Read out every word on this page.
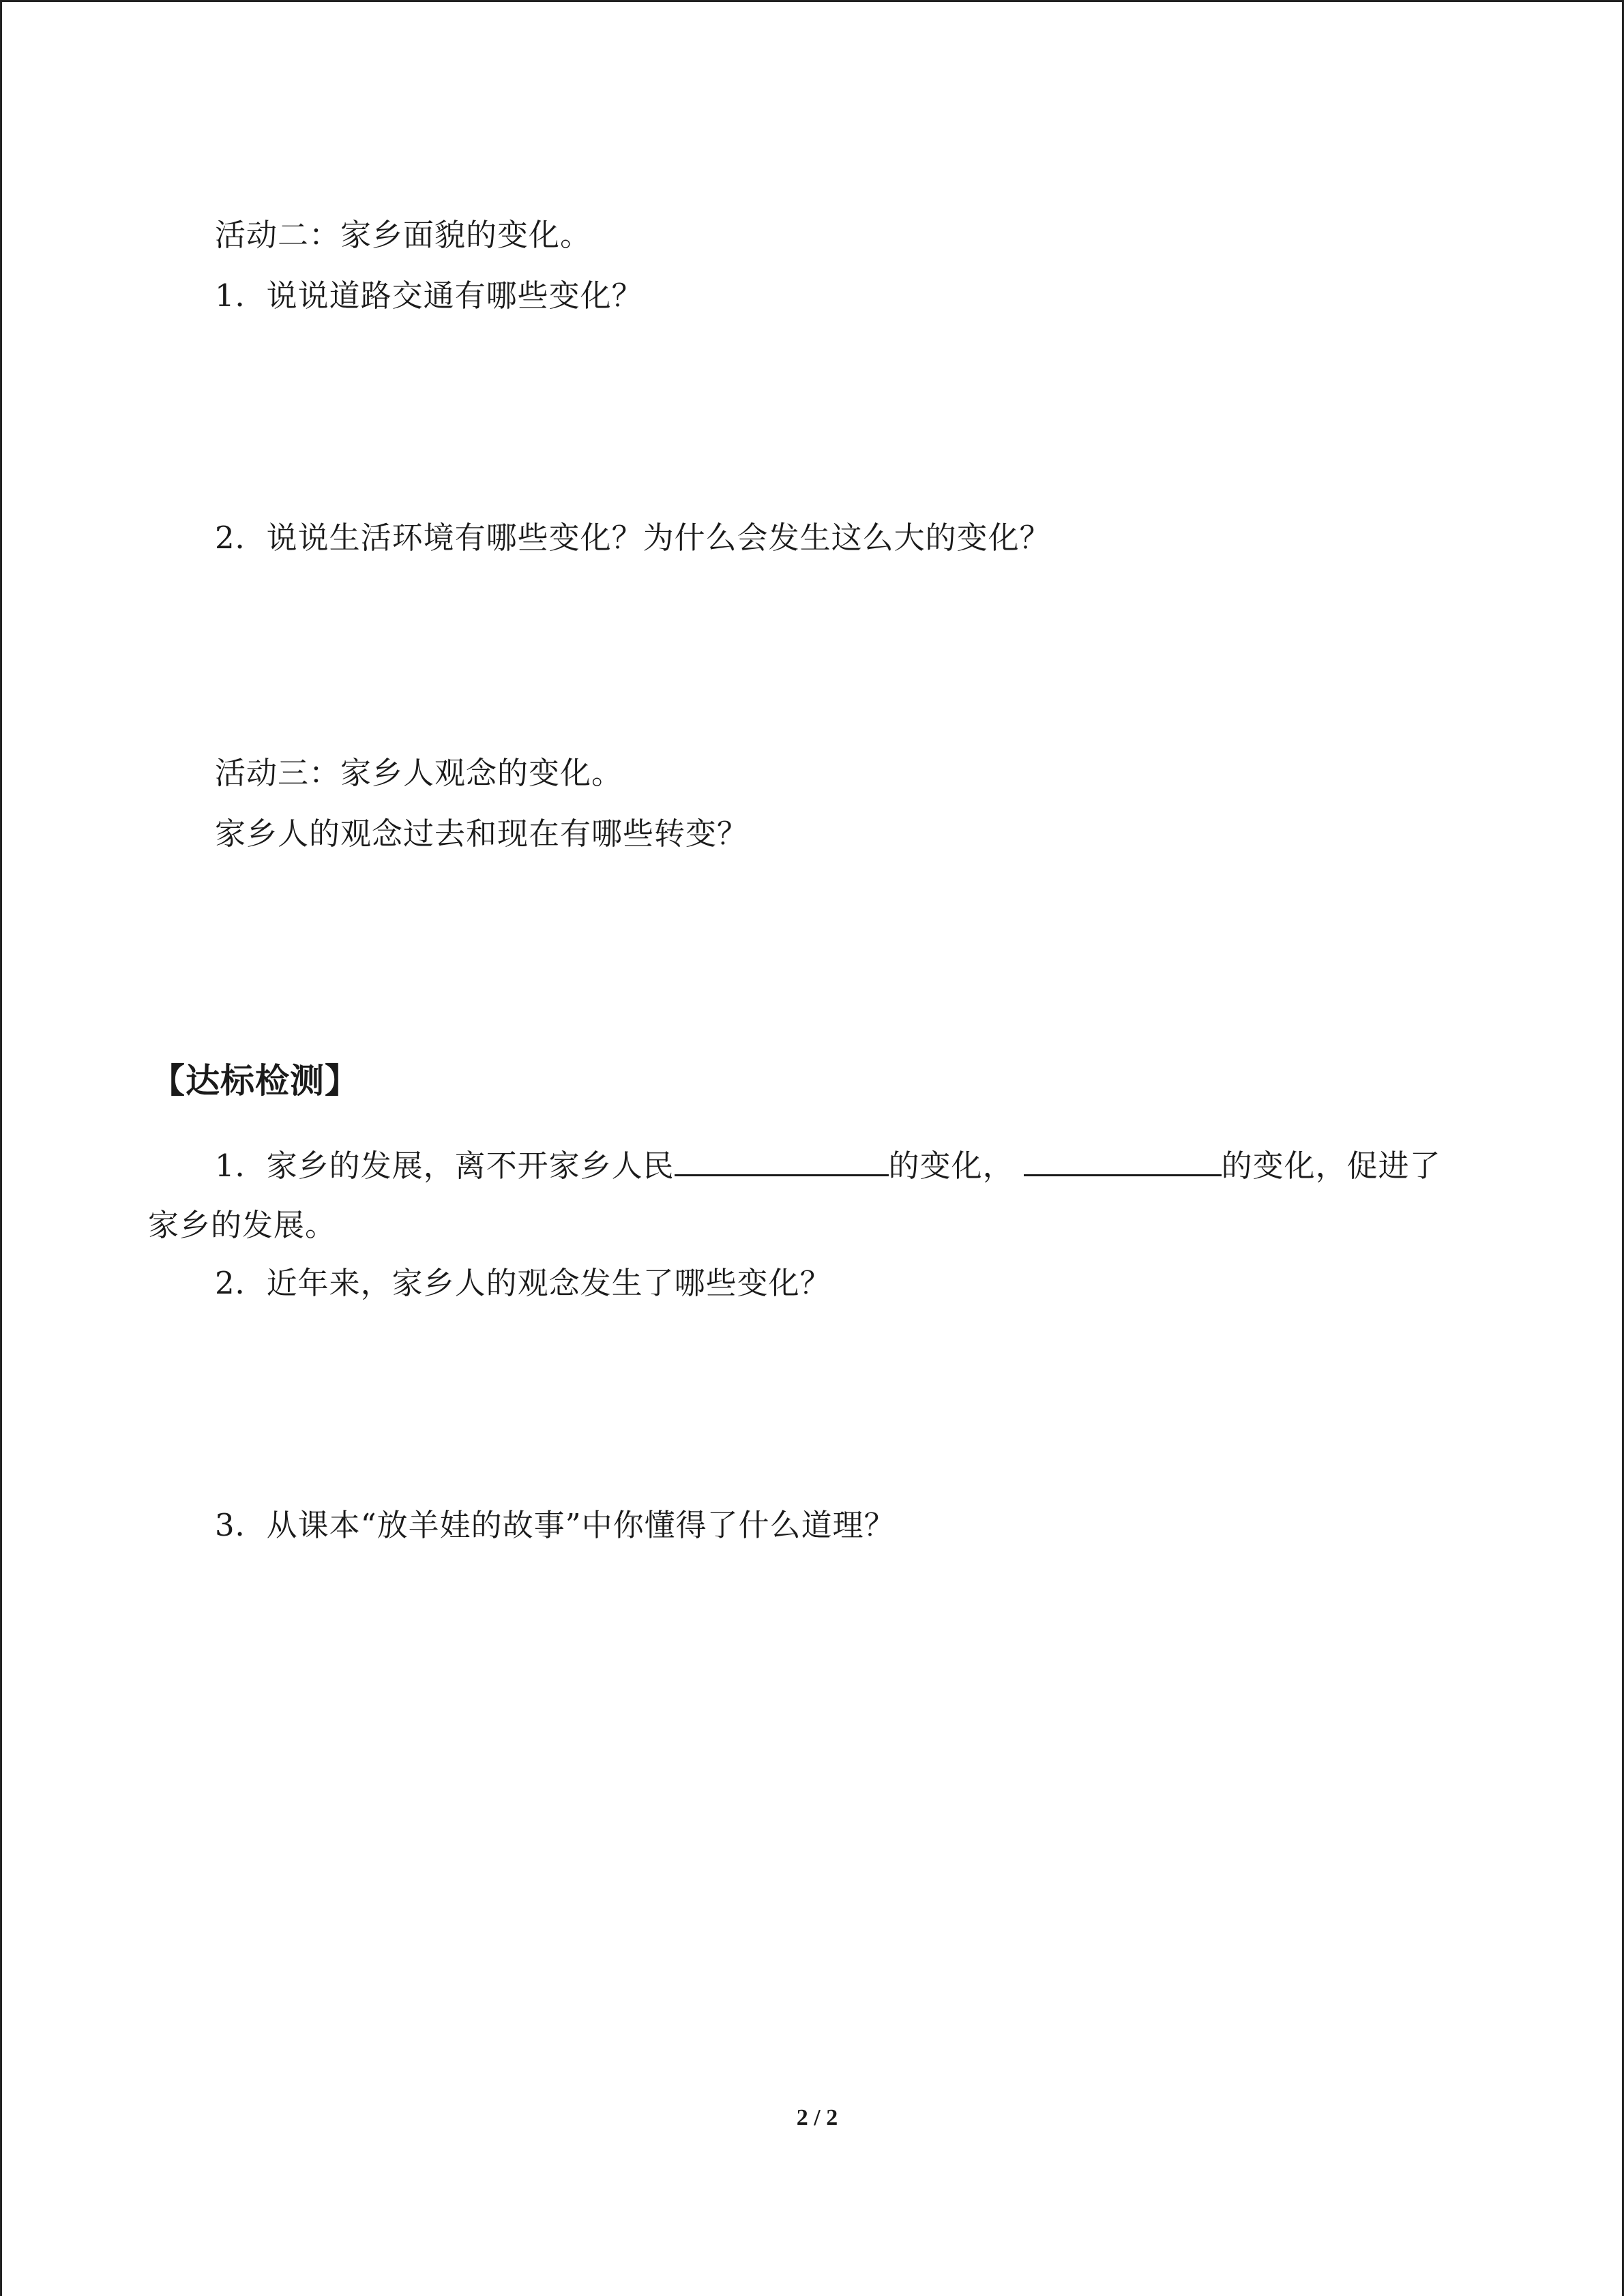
活动二：家乡面貌的变化。
1．说说道路交通有哪些变化？
2．说说生活环境有哪些变化？为什么会发生这么大的变化？
活动三：家乡人观念的变化。
家乡人的观念过去和现在有哪些转变？
【达标检测】
1．家乡的发展，离不开家乡人民	的变化，	的变化，促进了
家乡的发展。
2．近年来，家乡人的观念发生了哪些变化？
3．从课本“放羊娃的故事”中你懂得了什么道理？
2 / 2
